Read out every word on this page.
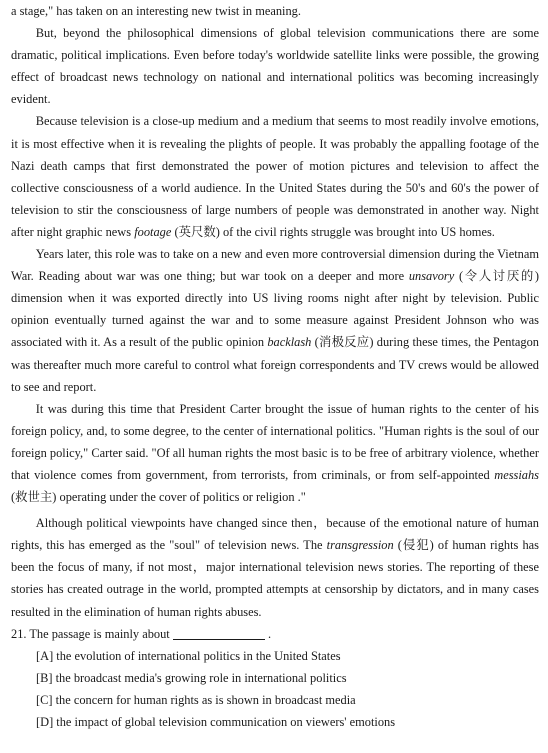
a stage," has taken on an interesting new twist in meaning.

But, beyond the philosophical dimensions of global television communications there are some dramatic, political implications. Even before today's worldwide satellite links were possible, the growing effect of broadcast news technology on national and international politics was becoming increasingly evident.

Because television is a close-up medium and a medium that seems to most readily involve emotions, it is most effective when it is revealing the plights of people. It was probably the appalling footage of the Nazi death camps that first demonstrated the power of motion pictures and television to affect the collective consciousness of a world audience. In the United States during the 50's and 60's the power of television to stir the consciousness of large numbers of people was demonstrated in another way. Night after night graphic news footage (英尺数) of the civil rights struggle was brought into US homes.

Years later, this role was to take on a new and even more controversial dimension during the Vietnam War. Reading about war was one thing; but war took on a deeper and more unsavory (令人讨厌的) dimension when it was exported directly into US living rooms night after night by television. Public opinion eventually turned against the war and to some measure against President Johnson who was associated with it. As a result of the public opinion backlash (消极反应) during these times, the Pentagon was thereafter much more careful to control what foreign correspondents and TV crews would be allowed to see and report.

It was during this time that President Carter brought the issue of human rights to the center of his foreign policy, and, to some degree, to the center of international politics. "Human rights is the soul of our foreign policy," Carter said. "Of all human rights the most basic is to be free of arbitrary violence, whether that violence comes from government, from terrorists, from criminals, or from self-appointed messiahs (救世主) operating under the cover of politics or religion ."

Although political viewpoints have changed since then，because of the emotional nature of human rights, this has emerged as the "soul" of television news. The transgression (侵犯) of human rights has been the focus of many, if not most，major international television news stories. The reporting of these stories has created outrage in the world, prompted attempts at censorship by dictators, and in many cases resulted in the elimination of human rights abuses.

21. The passage is mainly about	.

[A] the evolution of international politics in the United States
[B] the broadcast media's growing role in international politics
[C] the concern for human rights as is shown in broadcast media
[D] the impact of global television communication on viewers' emotions
